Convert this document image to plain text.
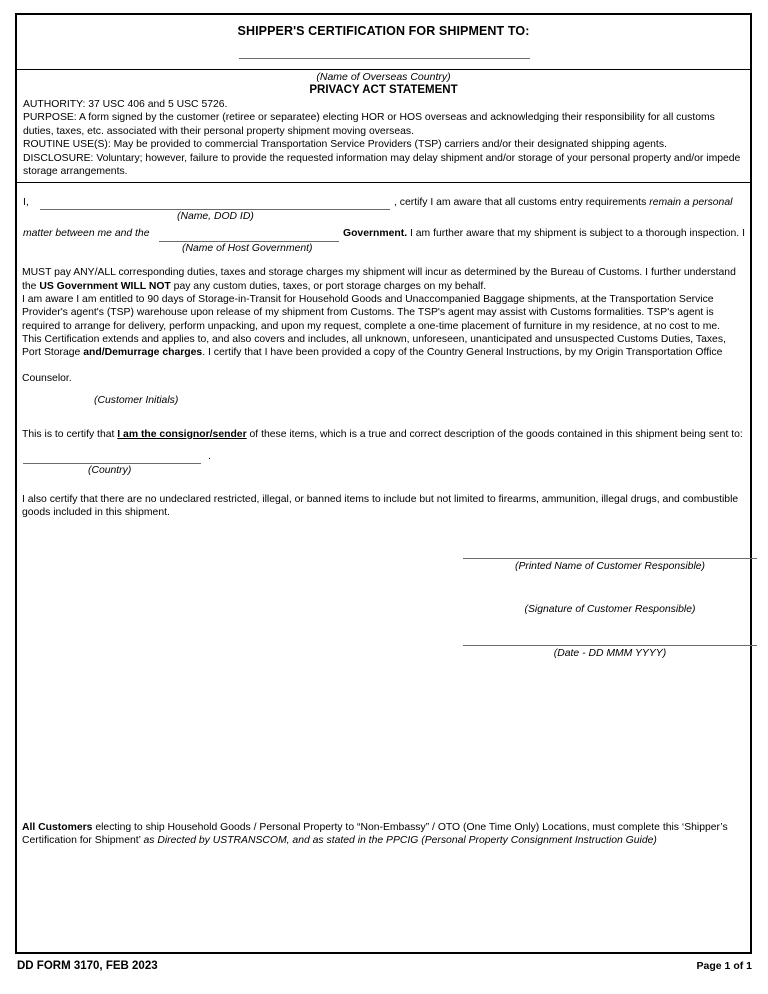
SHIPPER'S CERTIFICATION FOR SHIPMENT TO:
(Name of Overseas Country)
PRIVACY ACT STATEMENT
AUTHORITY: 37 USC 406 and 5 USC 5726.
PURPOSE: A form signed by the customer (retiree or separatee) electing HOR or HOS overseas and acknowledging their responsibility for all customs duties, taxes, etc. associated with their personal property shipment moving overseas.
ROUTINE USE(S): May be provided to commercial Transportation Service Providers (TSP) carriers and/or their designated shipping agents.
DISCLOSURE: Voluntary; however, failure to provide the requested information may delay shipment and/or storage of your personal property and/or impede storage arrangements.
I,
(Name, DOD ID)
, certify I am aware that all customs entry requirements remain a personal
matter between me and the
(Name of Host Government)
Government. I am further aware that my shipment is subject to a thorough inspection. I
MUST pay ANY/ALL corresponding duties, taxes and storage charges my shipment will incur as determined by the Bureau of Customs. I further understand the US Government WILL NOT pay any custom duties, taxes, or port storage charges on my behalf.
I am aware I am entitled to 90 days of Storage-in-Transit for Household Goods and Unaccompanied Baggage shipments, at the Transportation Service Provider's agent's (TSP) warehouse upon release of my shipment from Customs. The TSP's agent may assist with Customs formalities. TSP's agent is required to arrange for delivery, perform unpacking, and upon my request, complete a one-time placement of furniture in my residence, at no cost to me.
This Certification extends and applies to, and also covers and includes, all unknown, unforeseen, unanticipated and unsuspected Customs Duties, Taxes, Port Storage and/Demurrage charges. I certify that I have been provided a copy of the Country General Instructions, by my Origin Transportation Office
Counselor.
(Customer Initials)
This is to certify that I am the consignor/sender of these items, which is a true and correct description of the goods contained in this shipment being sent to:
.
(Country)
I also certify that there are no undeclared restricted, illegal, or banned items to include but not limited to firearms, ammunition, illegal drugs, and combustible goods included in this shipment.
(Printed Name of Customer Responsible)
(Signature of Customer Responsible)
(Date - DD MMM YYYY)
All Customers electing to ship Household Goods / Personal Property to “Non-Embassy” / OTO (One Time Only) Locations, must complete this ‘Shipper’s Certification for Shipment’ as Directed by USTRANSCOM, and as stated in the PPCIG (Personal Property Consignment Instruction Guide)
DD FORM 3170, FEB 2023	Page 1 of 1
